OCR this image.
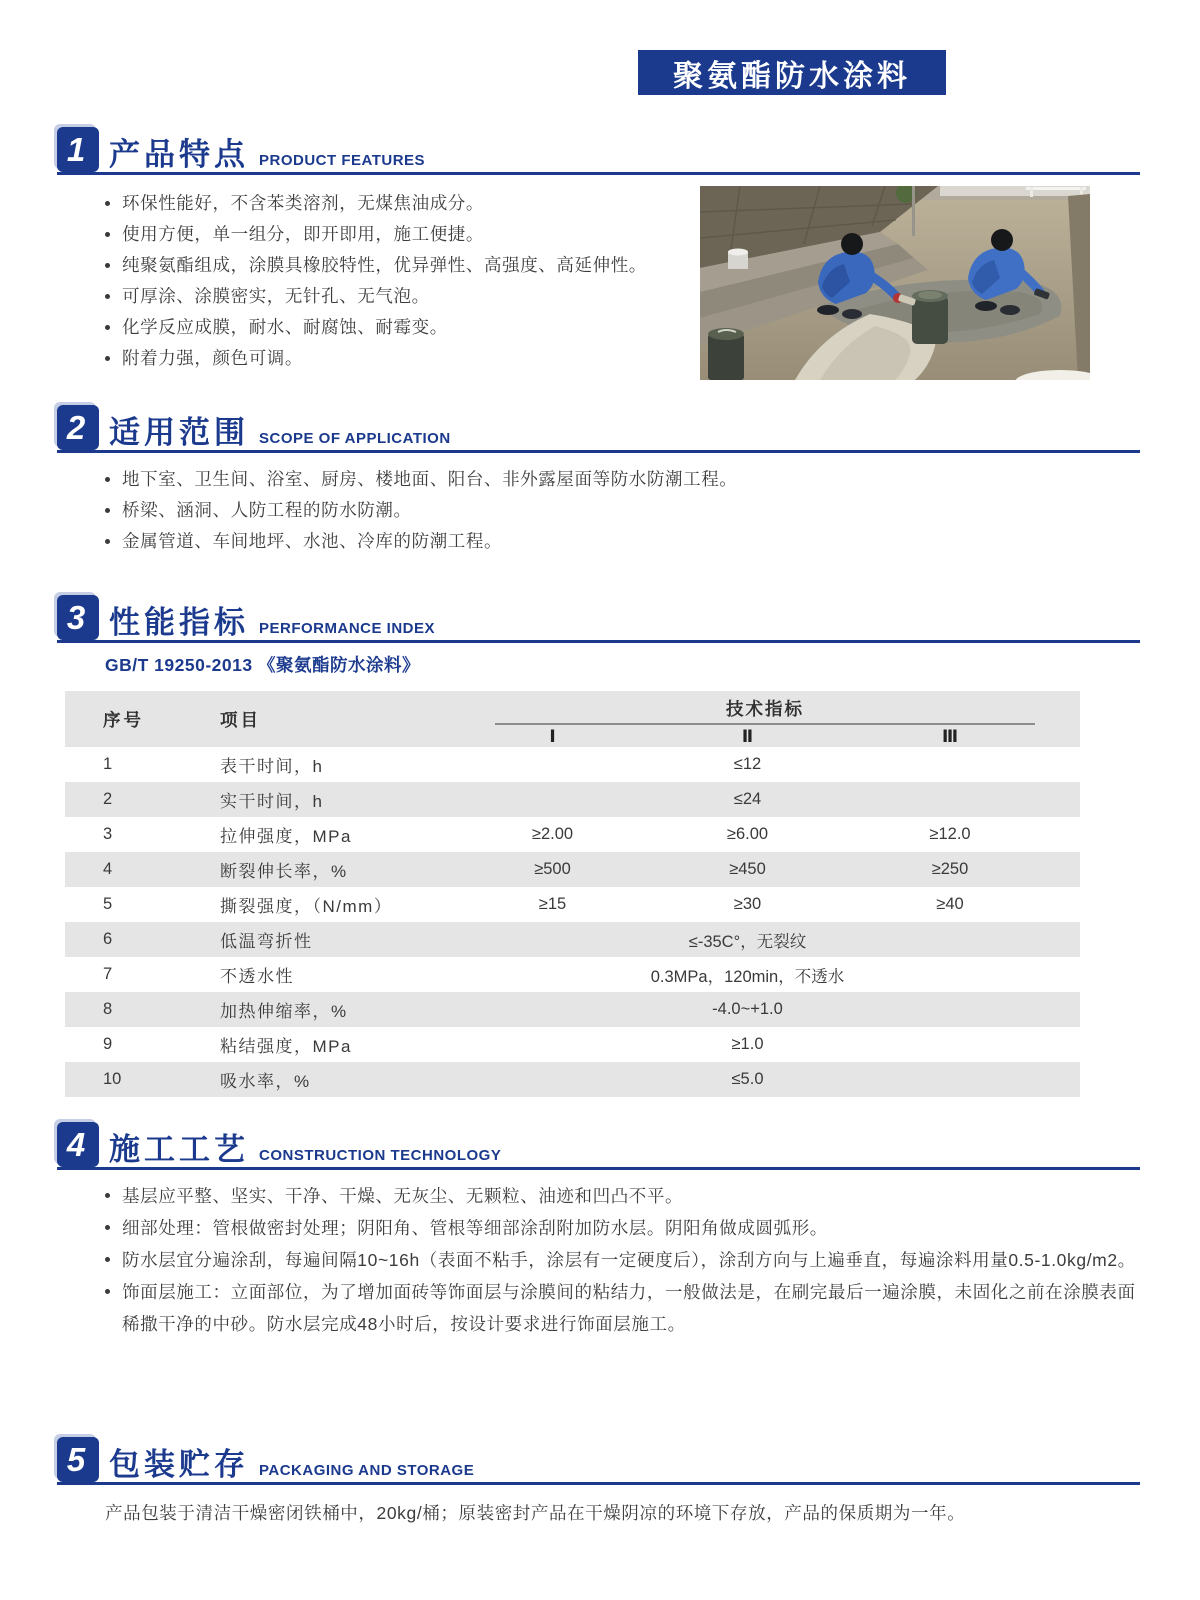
聚氨酯防水涂料
1 产品特点 PRODUCT FEATURES
环保性能好，不含苯类溶剂，无煤焦油成分。
使用方便，单一组分，即开即用，施工便捷。
纯聚氨酯组成，涂膜具橡胶特性，优异弹性、高强度、高延伸性。
可厚涂、涂膜密实，无针孔、无气泡。
化学反应成膜，耐水、耐腐蚀、耐霉变。
附着力强，颜色可调。
2 适用范围 SCOPE OF APPLICATION
地下室、卫生间、浴室、厨房、楼地面、阳台、非外露屋面等防水防潮工程。
桥梁、涵洞、人防工程的防水防潮。
金属管道、车间地坪、水池、冷库的防潮工程。
3 性能指标 PERFORMANCE INDEX
GB/T 19250-2013 《聚氨酯防水涂料》
序号	项目
技术指标
Ⅰ	Ⅱ	Ⅲ
1	表干时间，h	≤12
2	实干时间，h	≤24
3	拉伸强度，MPa	≥2.00	≥6.00	≥12.0
4	断裂伸长率，%	≥500	≥450	≥250
5	撕裂强度，（N/mm）	≥15	≥30	≥40
6	低温弯折性	≤-35C°，无裂纹
7	不透水性	0.3MPa，120min，不透水
8	加热伸缩率，%	-4.0~+1.0
9	粘结强度，MPa	≥1.0
10	吸水率，%	≤5.0
4 施工工艺 CONSTRUCTION TECHNOLOGY
基层应平整、坚实、干净、干燥、无灰尘、无颗粒、油迹和凹凸不平。
细部处理：管根做密封处理；阴阳角、管根等细部涂刮附加防水层。阴阳角做成圆弧形。
防水层宜分遍涂刮，每遍间隔10~16h（表面不粘手，涂层有一定硬度后），涂刮方向与上遍垂直，每遍涂料用量0.5-1.0kg/m2。
饰面层施工：立面部位，为了增加面砖等饰面层与涂膜间的粘结力，一般做法是，在刷完最后一遍涂膜，未固化之前在涂膜表面稀撒干净的中砂。防水层完成48小时后，按设计要求进行饰面层施工。
5 包装贮存 PACKAGING AND STORAGE
产品包装于清洁干燥密闭铁桶中，20kg/桶；原装密封产品在干燥阴凉的环境下存放，产品的保质期为一年。
